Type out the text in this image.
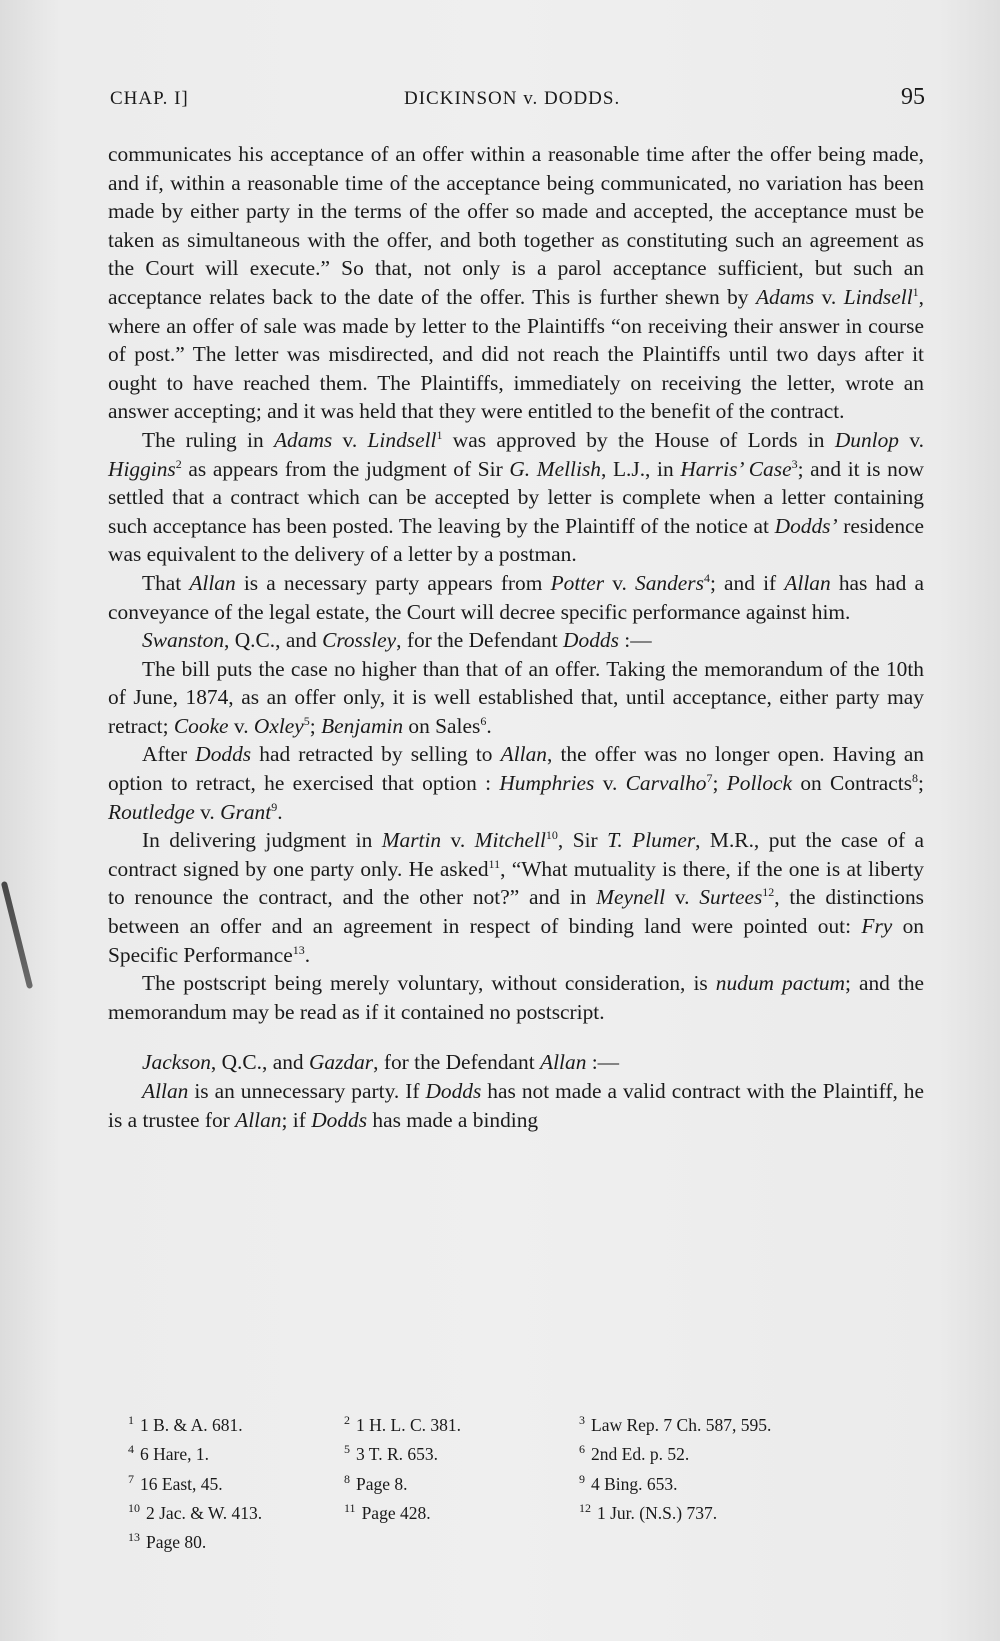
CHAP. I]	DICKINSON v. DODDS.	95

communicates his acceptance of an offer within a reasonable time after the offer being made, and if, within a reasonable time of the acceptance being communicated, no variation has been made by either party in the terms of the offer so made and accepted, the acceptance must be taken as simultaneous with the offer, and both together as constituting such an agreement as the Court will execute.” So that, not only is a parol acceptance sufficient, but such an acceptance relates back to the date of the offer. This is further shewn by Adams v. Lindsell$^1$, where an offer of sale was made by letter to the Plaintiffs “on receiving their answer in course of post.” The letter was misdirected, and did not reach the Plaintiffs until two days after it ought to have reached them. The Plaintiffs, immediately on receiving the letter, wrote an answer accepting; and it was held that they were entitled to the benefit of the contract.

The ruling in Adams v. Lindsell$^1$ was approved by the House of Lords in Dunlop v. Higgins$^2$ as appears from the judgment of Sir G. Mellish, L.J., in Harris’ Case$^3$; and it is now settled that a contract which can be accepted by letter is complete when a letter containing such acceptance has been posted. The leaving by the Plaintiff of the notice at Dodds’ residence was equivalent to the delivery of a letter by a postman.

That Allan is a necessary party appears from Potter v. Sanders$^4$; and if Allan has had a conveyance of the legal estate, the Court will decree specific performance against him.

Swanston, Q.C., and Crossley, for the Defendant Dodds :—

The bill puts the case no higher than that of an offer. Taking the memorandum of the 10th of June, 1874, as an offer only, it is well established that, until acceptance, either party may retract; Cooke v. Oxley$^5$; Benjamin on Sales$^6$.

After Dodds had retracted by selling to Allan, the offer was no longer open. Having an option to retract, he exercised that option : Humphries v. Carvalho$^7$; Pollock on Contracts$^8$; Routledge v. Grant$^9$.

In delivering judgment in Martin v. Mitchell$^{10}$, Sir T. Plumer, M.R., put the case of a contract signed by one party only. He asked$^{11}$, “What mutuality is there, if the one is at liberty to renounce the contract, and the other not?” and in Meynell v. Surtees$^{12}$, the distinctions between an offer and an agreement in respect of binding land were pointed out: Fry on Specific Performance$^{13}$.

The postscript being merely voluntary, without consideration, is nudum pactum; and the memorandum may be read as if it contained no postscript.

Jackson, Q.C., and Gazdar, for the Defendant Allan :—

Allan is an unnecessary party. If Dodds has not made a valid contract with the Plaintiff, he is a trustee for Allan; if Dodds has made a binding

$^1$ 1 B. & A. 681.	$^2$ 1 H. L. C. 381.	$^3$ Law Rep. 7 Ch. 587, 595.
$^4$ 6 Hare, 1.	$^5$ 3 T. R. 653.	$^6$ 2nd Ed. p. 52.
$^7$ 16 East, 45.	$^8$ Page 8.	$^9$ 4 Bing. 653.
$^{10}$ 2 Jac. & W. 413.	$^{11}$ Page 428.	$^{12}$ 1 Jur. (N.S.) 737.
$^{13}$ Page 80.
